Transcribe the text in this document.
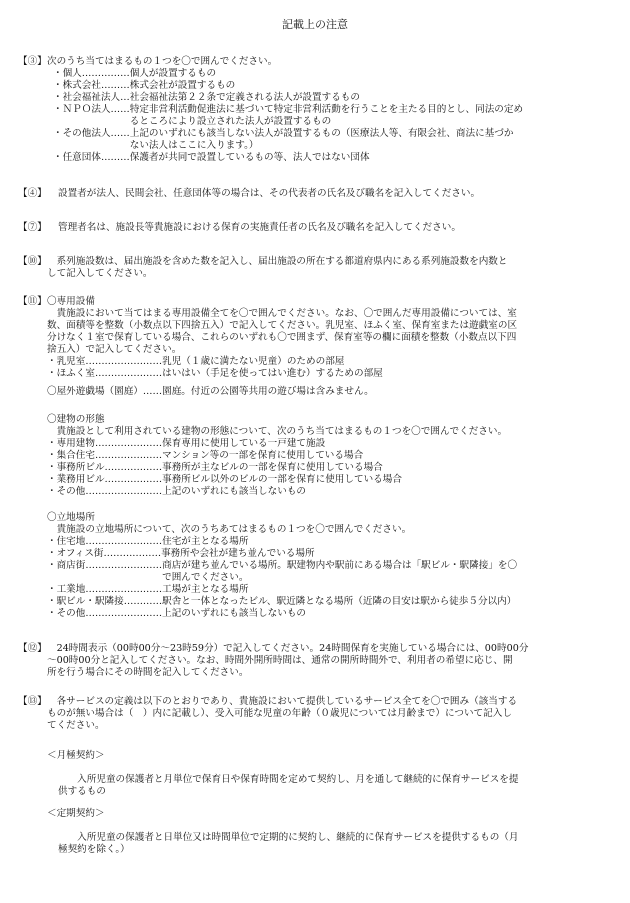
記載上の注意
【③】 次のうち当てはまるもの１つを〇で囲んでください。
・個人……………個人が設置するもの
・株式会社………株式会社が設置するもの
・社会福祉法人…社会福祉法第２２条で定義される法人が設置するもの
・ＮＰＯ法人……特定非営利活動促進法に基づいて特定非営利活動を行うことを主たる目的とし、同法の定め
　　　　　　　　るところにより設立された法人が設置するもの
・その他法人……上記のいずれにも該当しない法人が設置するもの（医療法人等、有限会社、商法に基づか
　　　　　　　　ない法人はここに入ります。）
・任意団体………保護者が共同で設置しているもの等、法人ではない団体
【④】 設置者が法人、民間会社、任意団体等の場合は、その代表者の氏名及び職名を記入してください。
【⑦】 管理者名は、施設長等貴施設における保育の実施責任者の氏名及び職名を記入してください。
【⑩】 　系列施設数は、届出施設を含めた数を記入し、届出施設の所在する都道府県内にある系列施設数を内数と
して記入してください。
【⑪】 〇専用設備
　貴施設において当てはまる専用設備全てを〇で囲んでください。なお、〇で囲んだ専用設備については、室
数、面積等を整数（小数点以下四捨五入）で記入してください。乳児室、ほふく室、保育室または遊戯室の区
分けなく１室で保育している場合、これらのいずれも〇で囲まず、保育室等の欄に面積を整数（小数点以下四
捨五入）で記入してください。
・乳児室……………………乳児（１歳に満たない児童）のための部屋
・ほふく室…………………はいはい（手足を使ってはい進む）するための部屋
〇屋外遊戯場（園庭）……園庭。付近の公園等共用の遊び場は含みません。
〇建物の形態
　貴施設として利用されている建物の形態について、次のうち当てはまるもの１つを〇で囲んでください。
・専用建物…………………保育専用に使用している一戸建て施設
・集合住宅…………………マンション等の一部を保育に使用している場合
・事務所ビル………………事務所が主なビルの一部を保育に使用している場合
・業務用ビル………………事務所ビル以外のビルの一部を保育に使用している場合
・その他……………………上記のいずれにも該当しないもの
〇立地場所
　貴施設の立地場所について、次のうちあてはまるもの１つを〇で囲んでください。
・住宅地……………………住宅が主となる場所
・オフィス街………………事務所や会社が建ち並んでいる場所
・商店街……………………商店が建ち並んでいる場所。駅建物内や駅前にある場合は「駅ビル・駅隣接」を〇
　　　　　　　　　　　　で囲んでください。
・工業地……………………工場が主となる場所
・駅ビル・駅隣接…………駅舎と一体となったビル、駅近隣となる場所（近隣の目安は駅から徒歩５分以内）
・その他……………………上記のいずれにも該当しないもの
【⑫】 　24時間表示（00時00分～23時59分）で記入してください。24時間保育を実施している場合には、00時00分
～00時00分と記入してください。なお、時間外開所時間は、通常の開所時間外で、利用者の希望に応じ、開
所を行う場合にその時間を記入してください。
【⑬】 　各サービスの定義は以下のとおりであり、貴施設において提供しているサービス全てを〇で囲み（該当する
ものが無い場合は（　）内に記載し）、受入可能な児童の年齢（０歳児については月齢まで）について記入し
てください。
＜月極契約＞
　　入所児童の保護者と月単位で保育日や保育時間を定めて契約し、月を通して継続的に保育サービスを提
供するもの
＜定期契約＞
　　入所児童の保護者と日単位又は時間単位で定期的に契約し、継続的に保育サービスを提供するもの（月
極契約を除く。）
